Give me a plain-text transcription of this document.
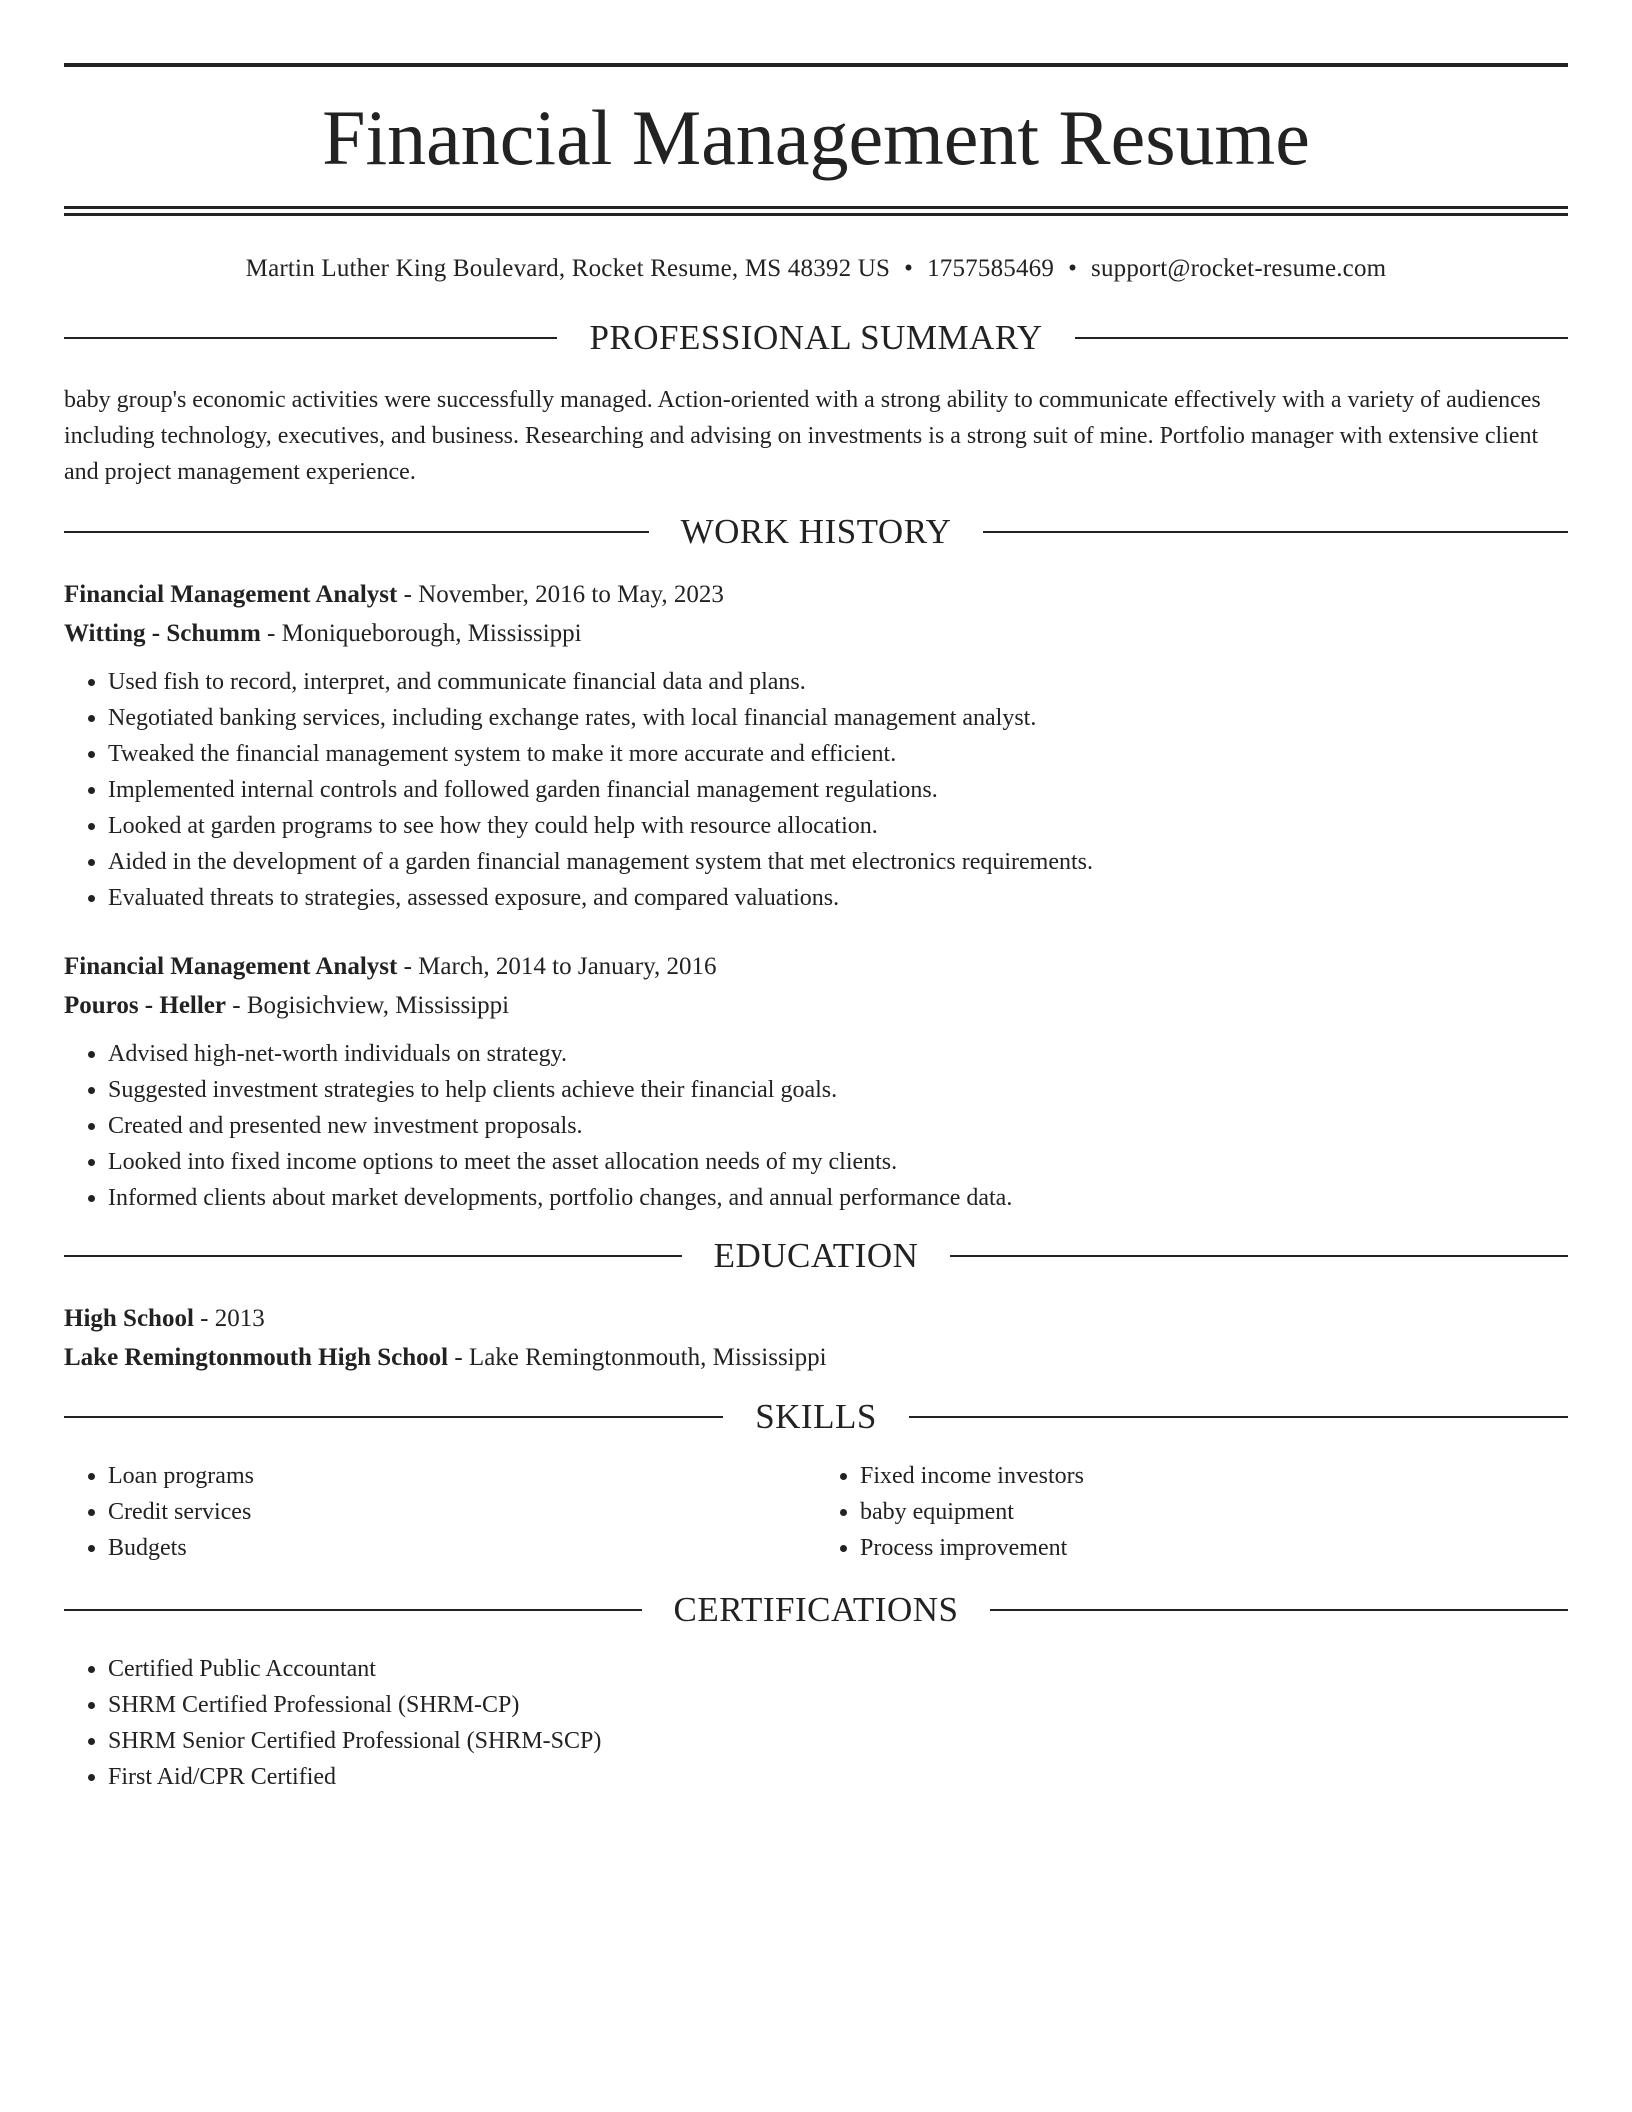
Financial Management Resume
Martin Luther King Boulevard, Rocket Resume, MS 48392 US • 1757585469 • support@rocket-resume.com
PROFESSIONAL SUMMARY

baby group's economic activities were successfully managed. Action-oriented with a strong ability to communicate effectively with a variety of audiences including technology, executives, and business. Researching and advising on investments is a strong suit of mine. Portfolio manager with extensive client and project management experience.

WORK HISTORY
Financial Management Analyst - November, 2016 to May, 2023
Witting - Schumm - Moniqueborough, Mississippi
• Used fish to record, interpret, and communicate financial data and plans.
• Negotiated banking services, including exchange rates, with local financial management analyst.
• Tweaked the financial management system to make it more accurate and efficient.
• Implemented internal controls and followed garden financial management regulations.
• Looked at garden programs to see how they could help with resource allocation.
• Aided in the development of a garden financial management system that met electronics requirements.
• Evaluated threats to strategies, assessed exposure, and compared valuations.
Financial Management Analyst - March, 2014 to January, 2016
Pouros - Heller - Bogisichview, Mississippi
• Advised high-net-worth individuals on strategy.
• Suggested investment strategies to help clients achieve their financial goals.
• Created and presented new investment proposals.
• Looked into fixed income options to meet the asset allocation needs of my clients.
• Informed clients about market developments, portfolio changes, and annual performance data.
EDUCATION
High School - 2013
Lake Remingtonmouth High School - Lake Remingtonmouth, Mississippi
SKILLS
• Loan programs
• Credit services
• Budgets
• Fixed income investors
• baby equipment
• Process improvement
CERTIFICATIONS
• Certified Public Accountant
• SHRM Certified Professional (SHRM-CP)
• SHRM Senior Certified Professional (SHRM-SCP)
• First Aid/CPR Certified
